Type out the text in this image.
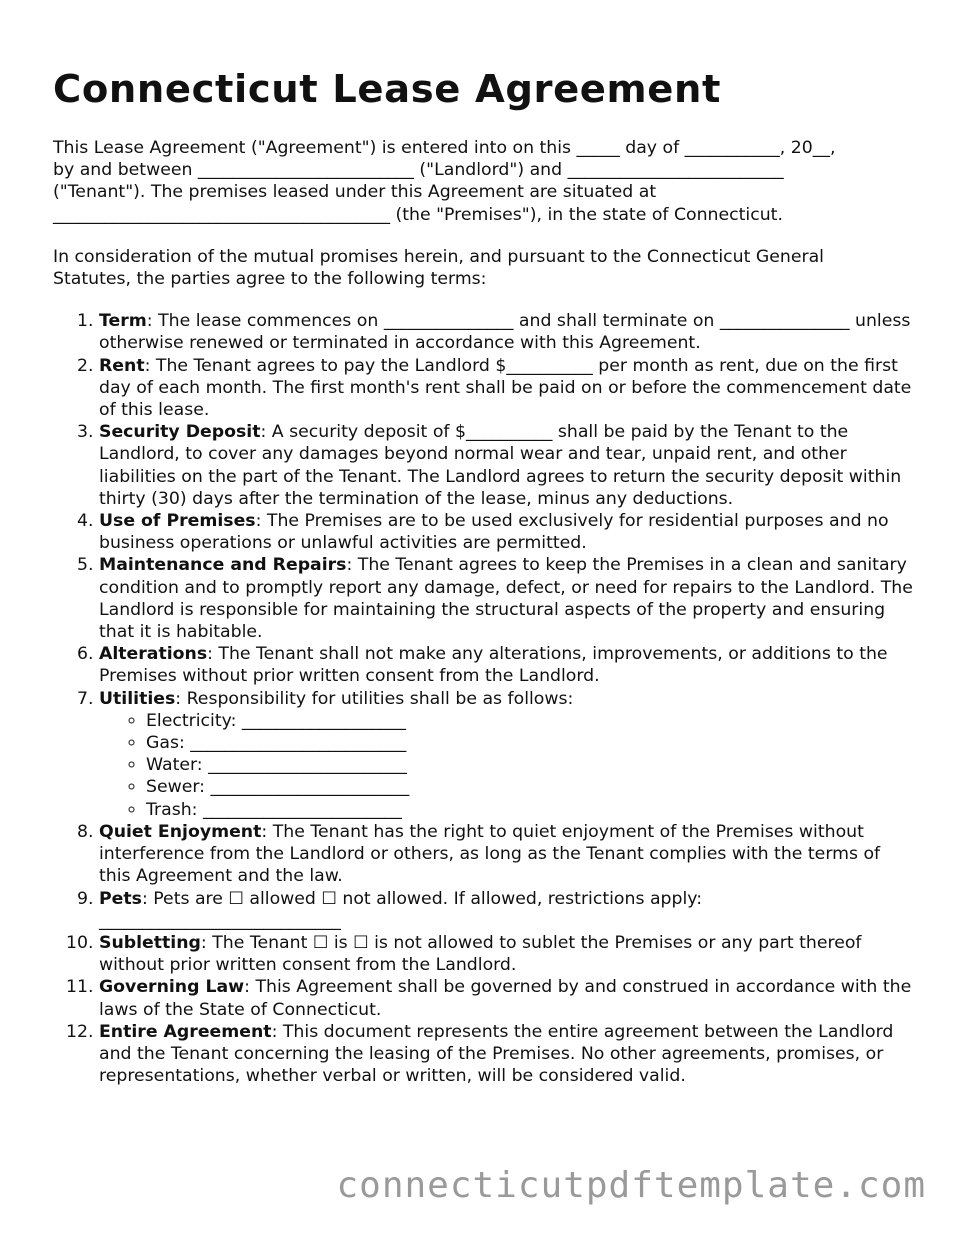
Connecticut Lease Agreement

This Lease Agreement ("Agreement") is entered into on this _____ day of ___________, 20__,
by and between _________________________ ("Landlord") and _________________________
("Tenant"). The premises leased under this Agreement are situated at
_______________________________________ (the "Premises"), in the state of Connecticut.

In consideration of the mutual promises herein, and pursuant to the Connecticut General
Statutes, the parties agree to the following terms:

1. Term: The lease commences on _______________ and shall terminate on _______________ unless otherwise renewed or terminated in accordance with this Agreement.
2. Rent: The Tenant agrees to pay the Landlord $__________ per month as rent, due on the first day of each month. The first month's rent shall be paid on or before the commencement date of this lease.
3. Security Deposit: A security deposit of $__________ shall be paid by the Tenant to the Landlord, to cover any damages beyond normal wear and tear, unpaid rent, and other liabilities on the part of the Tenant. The Landlord agrees to return the security deposit within thirty (30) days after the termination of the lease, minus any deductions.
4. Use of Premises: The Premises are to be used exclusively for residential purposes and no business operations or unlawful activities are permitted.
5. Maintenance and Repairs: The Tenant agrees to keep the Premises in a clean and sanitary condition and to promptly report any damage, defect, or need for repairs to the Landlord. The Landlord is responsible for maintaining the structural aspects of the property and ensuring that it is habitable.
6. Alterations: The Tenant shall not make any alterations, improvements, or additions to the Premises without prior written consent from the Landlord.
7. Utilities: Responsibility for utilities shall be as follows:
◦ Electricity: ___________________
◦ Gas: _________________________
◦ Water: _______________________
◦ Sewer: _______________________
◦ Trash: _______________________
8. Quiet Enjoyment: The Tenant has the right to quiet enjoyment of the Premises without interference from the Landlord or others, as long as the Tenant complies with the terms of this Agreement and the law.
9. Pets: Pets are ☐ allowed ☐ not allowed. If allowed, restrictions apply: ____________________________
10. Subletting: The Tenant ☐ is ☐ is not allowed to sublet the Premises or any part thereof without prior written consent from the Landlord.
11. Governing Law: This Agreement shall be governed by and construed in accordance with the laws of the State of Connecticut.
12. Entire Agreement: This document represents the entire agreement between the Landlord and the Tenant concerning the leasing of the Premises. No other agreements, promises, or representations, whether verbal or written, will be considered valid.
connecticutpdftemplate.com
